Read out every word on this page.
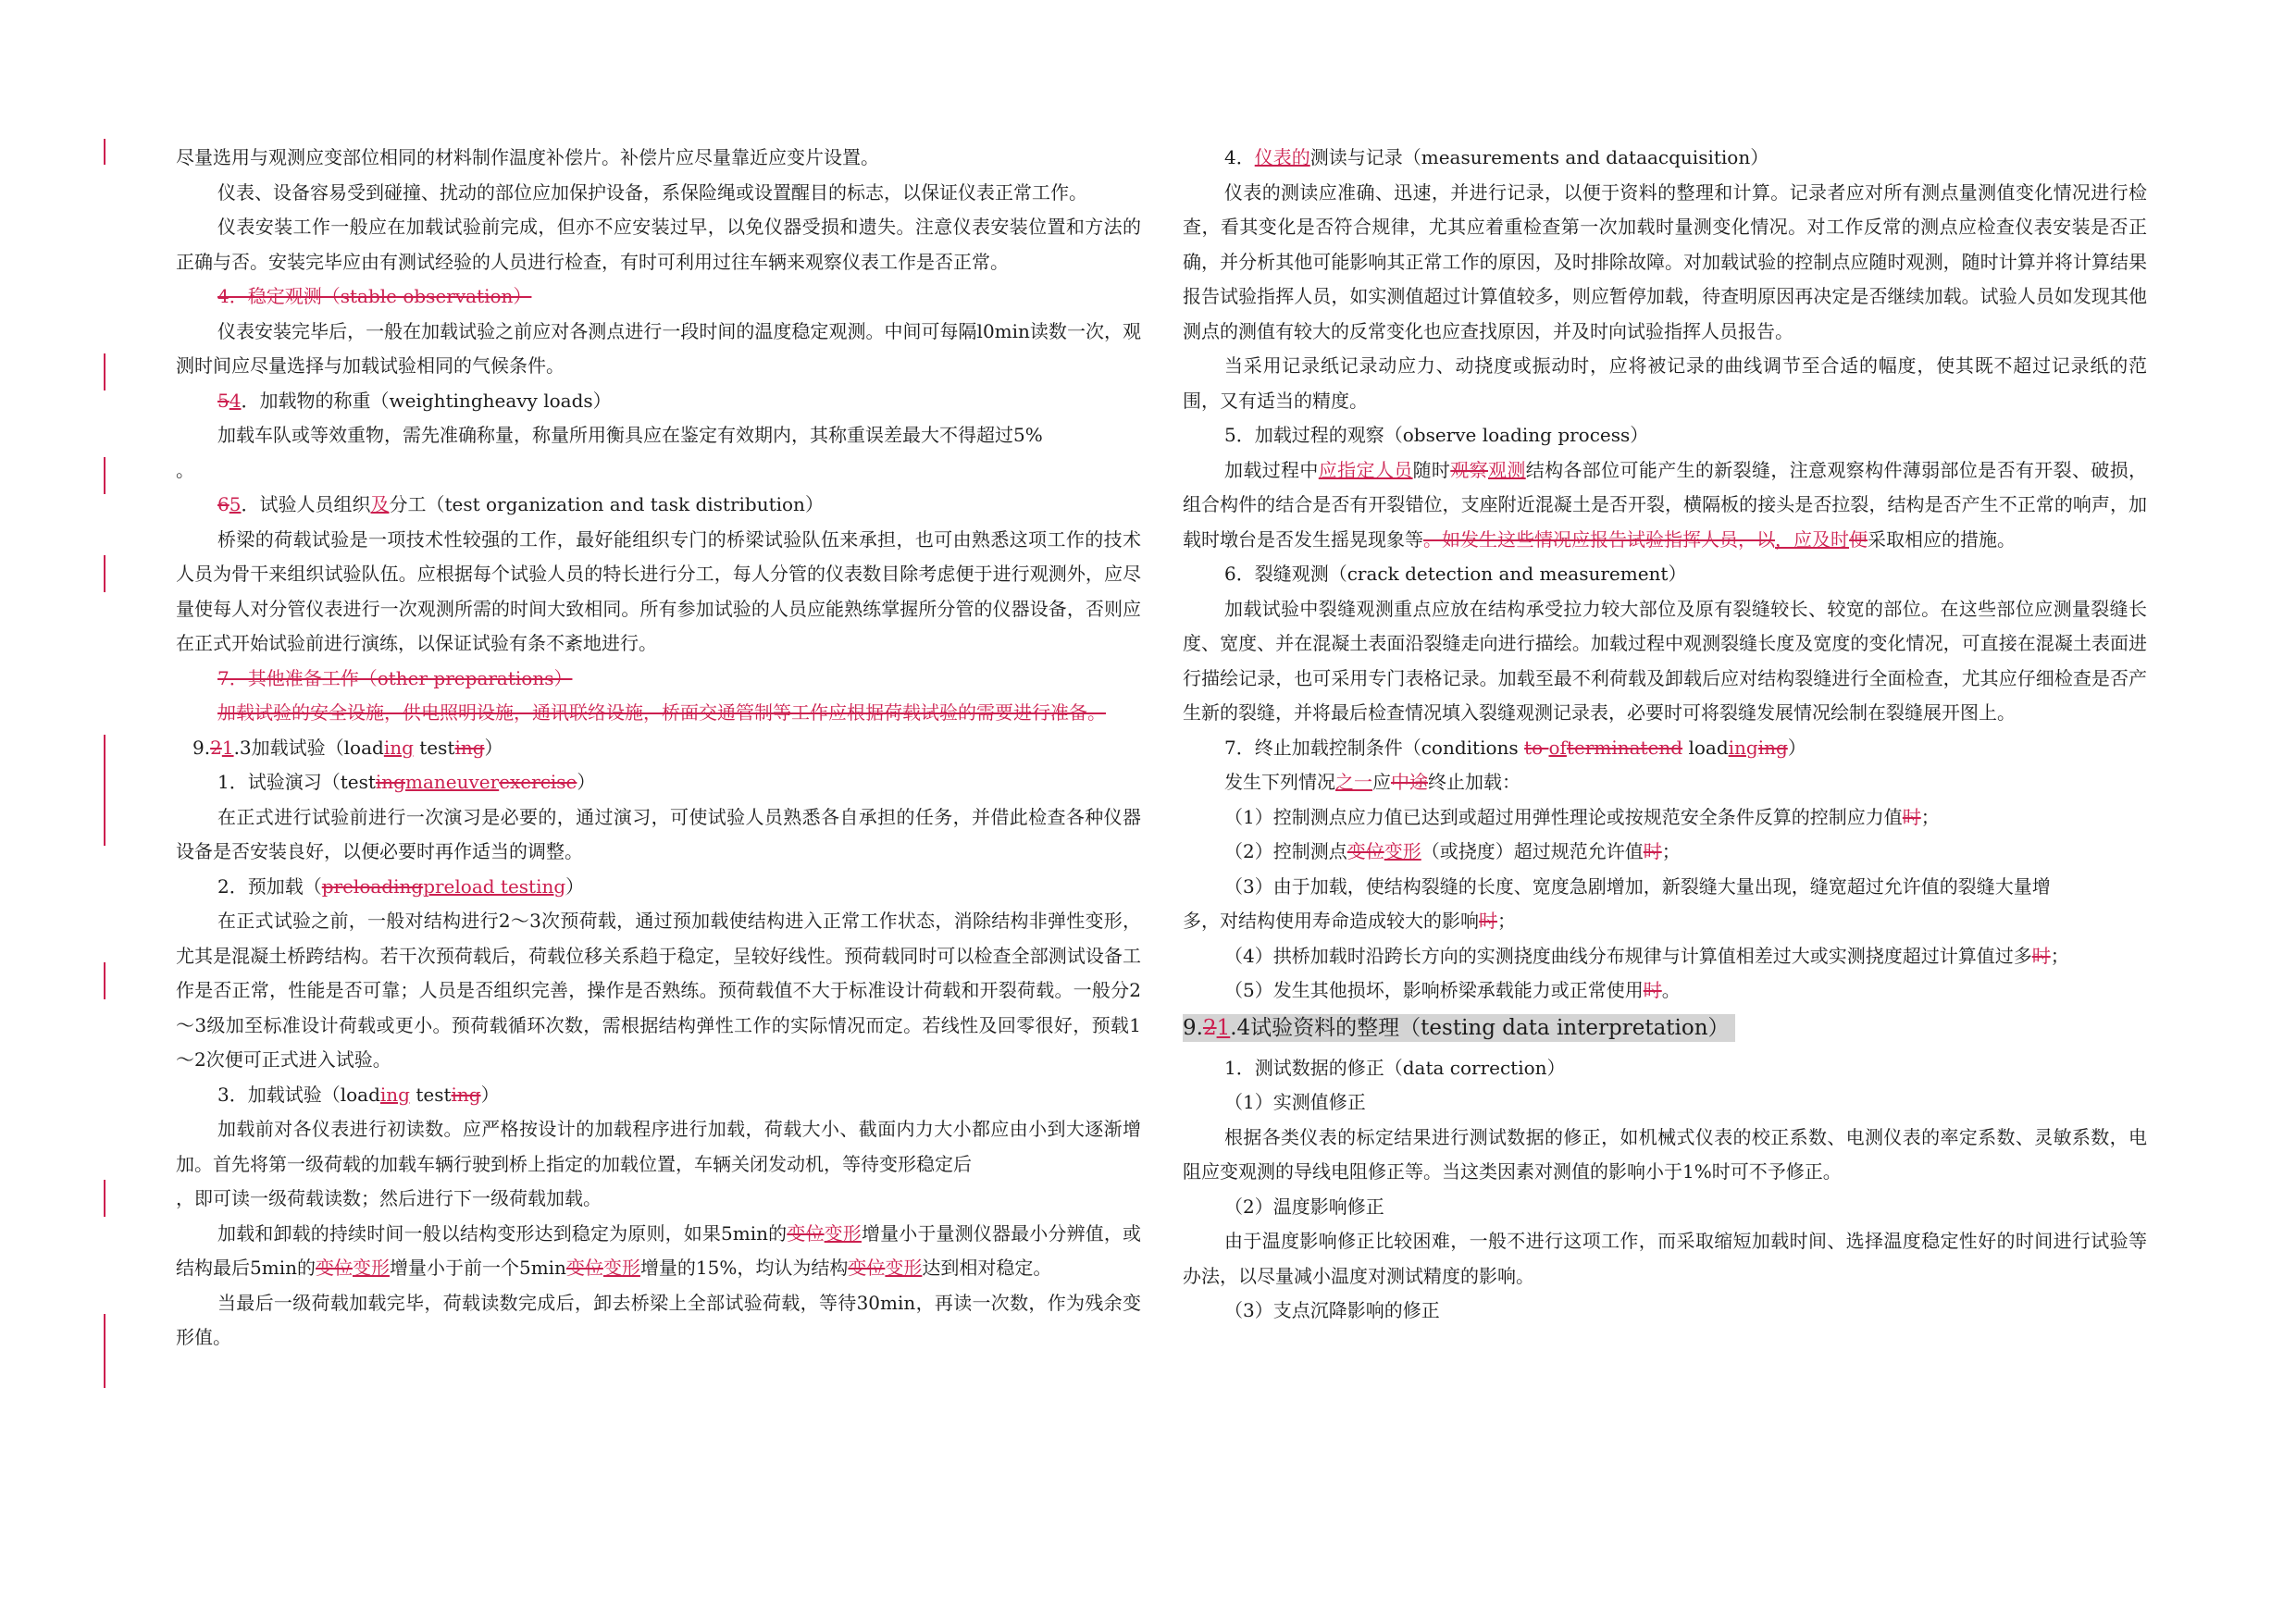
尽量选用与观测应变部位相同的材料制作温度补偿片。补偿片应尽量靠近应变片设置。

仪表、设备容易受到碰撞、扰动的部位应加保护设备，系保险绳或设置醒目的标志，以保证仪表正常工作。

仪表安装工作一般应在加载试验前完成，但亦不应安装过早，以免仪器受损和遗失。注意仪表安装位置和方法的正确与否。安装完毕应由有测试经验的人员进行检查，有时可利用过往车辆来观察仪表工作是否正常。

4．稳定观测（stable observation）

仪表安装完毕后，一般在加载试验之前应对各测点进行一段时间的温度稳定观测。中间可每隔l0min读数一次，观测时间应尽量选择与加载试验相同的气候条件。

54．加载物的称重（weightingheavy loads）

加载车队或等效重物，需先准确称量，称量所用衡具应在鉴定有效期内，其称重误差最大不得超过5%

。

65．试验人员组织及分工（test organization and task distribution）

桥梁的荷载试验是一项技术性较强的工作，最好能组织专门的桥梁试验队伍来承担，也可由熟悉这项工作的技术人员为骨干来组织试验队伍。应根据每个试验人员的特长进行分工，每人分管的仪表数目除考虑便于进行观测外，应尽量使每人对分管仪表进行一次观测所需的时间大致相同。所有参加试验的人员应能熟练掌握所分管的仪器设备，否则应在正式开始试验前进行演练，以保证试验有条不紊地进行。

7．其他准备工作（other preparations）

加载试验的安全设施，供电照明设施，通讯联络设施，桥面交通管制等工作应根据荷载试验的需要进行准备。

9.21.3加载试验（loading testing）

1．试验演习（testingmaneuverexercise）

在正式进行试验前进行一次演习是必要的，通过演习，可使试验人员熟悉各自承担的任务，并借此检查各种仪器设备是否安装良好，以便必要时再作适当的调整。

2．预加载（preloadingpreload testing）

在正式试验之前，一般对结构进行2～3次预荷载，通过预加载使结构进入正常工作状态，消除结构非弹性变形，尤其是混凝土桥跨结构。若干次预荷载后，荷载位移关系趋于稳定，呈较好线性。预荷载同时可以检查全部测试设备工作是否正常，性能是否可靠；人员是否组织完善，操作是否熟练。预荷载值不大于标准设计荷载和开裂荷载。一般分2～3级加至标准设计荷载或更小。预荷载循环次数，需根据结构弹性工作的实际情况而定。若线性及回零很好，预载1～2次便可正式进入试验。

3．加载试验（loading testing）

加载前对各仪表进行初读数。应严格按设计的加载程序进行加载，荷载大小、截面内力大小都应由小到大逐渐增加。首先将第一级荷载的加载车辆行驶到桥上指定的加载位置，车辆关闭发动机，等待变形稳定后

，即可读一级荷载读数；然后进行下一级荷载加载。

加载和卸载的持续时间一般以结构变形达到稳定为原则，如果5min的变位变形增量小于量测仪器最小分辨值，或结构最后5min的变位变形增量小于前一个5min变位变形增量的15%，均认为结构变位变形达到相对稳定。

当最后一级荷载加载完毕，荷载读数完成后，卸去桥梁上全部试验荷载，等待30min，再读一次数，作为残余变形值。

4．仪表的测读与记录（measurements and dataacquisition）

仪表的测读应准确、迅速，并进行记录，以便于资料的整理和计算。记录者应对所有测点量测值变化情况进行检查，看其变化是否符合规律，尤其应着重检查第一次加载时量测变化情况。对工作反常的测点应检查仪表安装是否正确，并分析其他可能影响其正常工作的原因，及时排除故障。对加载试验的控制点应随时观测，随时计算并将计算结果报告试验指挥人员，如实测值超过计算值较多，则应暂停加载，待查明原因再决定是否继续加载。试验人员如发现其他测点的测值有较大的反常变化也应查找原因，并及时向试验指挥人员报告。

当采用记录纸记录动应力、动挠度或振动时，应将被记录的曲线调节至合适的幅度，使其既不超过记录纸的范围，又有适当的精度。

5．加载过程的观察（observe loading process）

加载过程中应指定人员随时观察观测结构各部位可能产生的新裂缝，注意观察构件薄弱部位是否有开裂、破损，组合构件的结合是否有开裂错位，支座附近混凝土是否开裂，横隔板的接头是否拉裂，结构是否产生不正常的响声，加载时墩台是否发生摇晃现象等。如发生这些情况应报告试验指挥人员，以，应及时便采取相应的措施。

6．裂缝观测（crack detection and measurement）

加载试验中裂缝观测重点应放在结构承受拉力较大部位及原有裂缝较长、较宽的部位。在这些部位应测量裂缝长度、宽度、并在混凝土表面沿裂缝走向进行描绘。加载过程中观测裂缝长度及宽度的变化情况，可直接在混凝土表面进行描绘记录，也可采用专门表格记录。加载至最不利荷载及卸载后应对结构裂缝进行全面检查，尤其应仔细检查是否产生新的裂缝，并将最后检查情况填入裂缝观测记录表，必要时可将裂缝发展情况绘制在裂缝展开图上。

7．终止加载控制条件（conditions to ofterminatend loadinging）

发生下列情况之一应中途终止加载：

（1）控制测点应力值已达到或超过用弹性理论或按规范安全条件反算的控制应力值时；

（2）控制测点变位变形（或挠度）超过规范允许值时；

（3）由于加载，使结构裂缝的长度、宽度急剧增加，新裂缝大量出现，缝宽超过允许值的裂缝大量增

多，对结构使用寿命造成较大的影响时；

（4）拱桥加载时沿跨长方向的实测挠度曲线分布规律与计算值相差过大或实测挠度超过计算值过多时；

（5）发生其他损坏，影响桥梁承载能力或正常使用时。

9.21.4试验资料的整理（testing data interpretation）

1．测试数据的修正（data correction）

（1）实测值修正

根据各类仪表的标定结果进行测试数据的修正，如机械式仪表的校正系数、电测仪表的率定系数、灵敏系数，电阻应变观测的导线电阻修正等。当这类因素对测值的影响小于1%时可不予修正。

（2）温度影响修正

由于温度影响修正比较困难，一般不进行这项工作，而采取缩短加载时间、选择温度稳定性好的时间进行试验等办法，以尽量减小温度对测试精度的影响。

（3）支点沉降影响的修正
